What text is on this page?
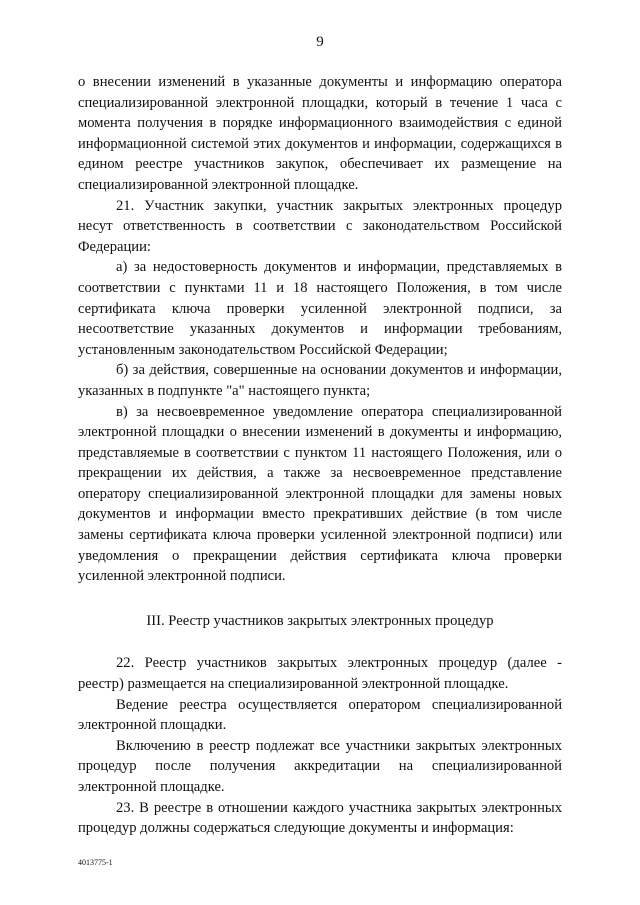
9

о внесении изменений в указанные документы и информацию оператора специализированной электронной площадки, который в течение 1 часа с момента получения в порядке информационного взаимодействия с единой информационной системой этих документов и информации, содержащихся в едином реестре участников закупок, обеспечивает их размещение на специализированной электронной площадке.

21. Участник закупки, участник закрытых электронных процедур несут ответственность в соответствии с законодательством Российской Федерации:

а) за недостоверность документов и информации, представляемых в соответствии с пунктами 11 и 18 настоящего Положения, в том числе сертификата ключа проверки усиленной электронной подписи, за несоответствие указанных документов и информации требованиям, установленным законодательством Российской Федерации;

б) за действия, совершенные на основании документов и информации, указанных в подпункте "а" настоящего пункта;

в) за несвоевременное уведомление оператора специализированной электронной площадки о внесении изменений в документы и информацию, представляемые в соответствии с пунктом 11 настоящего Положения, или о прекращении их действия, а также за несвоевременное представление оператору специализированной электронной площадки для замены новых документов и информации вместо прекративших действие (в том числе замены сертификата ключа проверки усиленной электронной подписи) или уведомления о прекращении действия сертификата ключа проверки усиленной электронной подписи.

III. Реестр участников закрытых электронных процедур

22. Реестр участников закрытых электронных процедур (далее - реестр) размещается на специализированной электронной площадке.

Ведение реестра осуществляется оператором специализированной электронной площадки.

Включению в реестр подлежат все участники закрытых электронных процедур после получения аккредитации на специализированной электронной площадке.

23. В реестре в отношении каждого участника закрытых электронных процедур должны содержаться следующие документы и информация:

4013775-1
